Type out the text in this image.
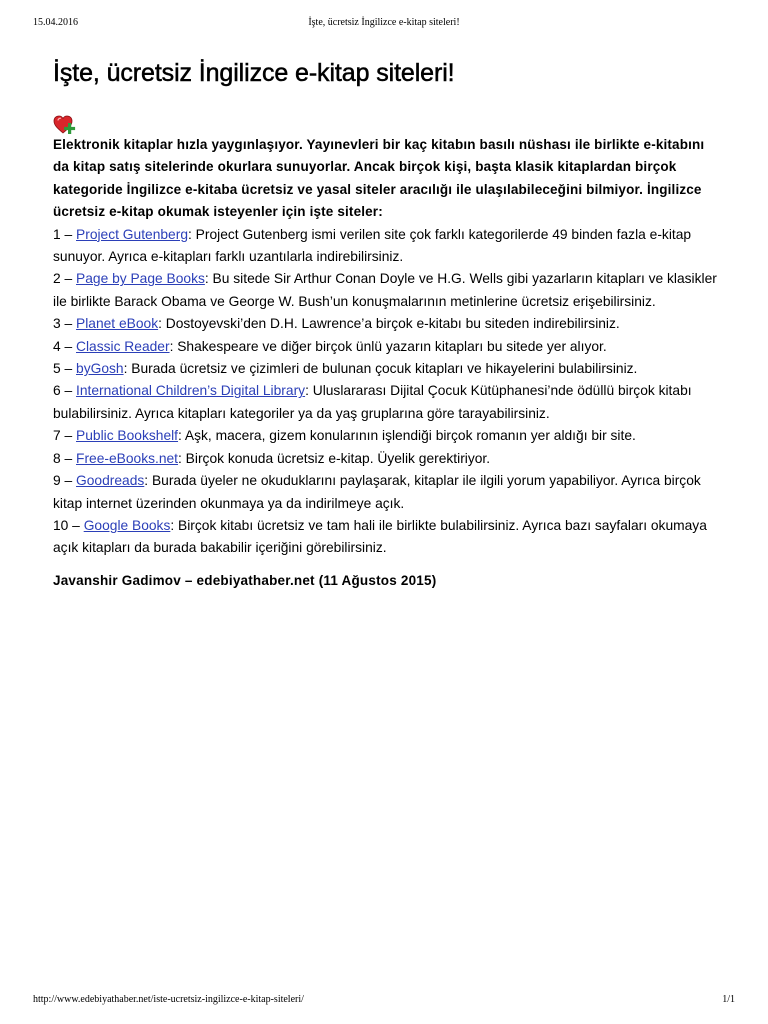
15.04.2016	İşte, ücretsiz İngilizce e-kitap siteleri!
İşte, ücretsiz İngilizce e-kitap siteleri!

Elektronik kitaplar hızla yaygınlaşıyor. Yayınevleri bir kaç kitabın basılı nüshası ile birlikte e-kitabını da kitap satış sitelerinde okurlara sunuyorlar. Ancak birçok kişi, başta klasik kitaplardan birçok kategoride İngilizce e-kitaba ücretsiz ve yasal siteler aracılığı ile ulaşılabileceğini bilmiyor. İngilizce ücretsiz e-kitap okumak isteyenler için işte siteler:

1 – Project Gutenberg: Project Gutenberg ismi verilen site çok farklı kategorilerde 49 binden fazla e-kitap sunuyor. Ayrıca e-kitapları farklı uzantılarla indirebilirsiniz.
2 – Page by Page Books: Bu sitede Sir Arthur Conan Doyle ve H.G. Wells gibi yazarların kitapları ve klasikler ile birlikte Barack Obama ve George W. Bush’un konuşmalarının metinlerine ücretsiz erişebilirsiniz.
3 – Planet eBook: Dostoyevski’den D.H. Lawrence’a birçok e-kitabı bu siteden indirebilirsiniz.
4 – Classic Reader: Shakespeare ve diğer birçok ünlü yazarın kitapları bu sitede yer alıyor.
5 – byGosh: Burada ücretsiz ve çizimleri de bulunan çocuk kitapları ve hikayelerini bulabilirsiniz.
6 – International Children’s Digital Library: Uluslararası Dijital Çocuk Kütüphanesi’nde ödüllü birçok kitabı bulabilirsiniz. Ayrıca kitapları kategoriler ya da yaş gruplarına göre tarayabilirsiniz.
7 – Public Bookshelf: Aşk, macera, gizem konularının işlendiği birçok romanın yer aldığı bir site.
8 – Free-eBooks.net: Birçok konuda ücretsiz e-kitap. Üyelik gerektiriyor.
9 – Goodreads: Burada üyeler ne okuduklarını paylaşarak, kitaplar ile ilgili yorum yapabiliyor. Ayrıca birçok kitap internet üzerinden okunmaya ya da indirilmeye açık.
10 – Google Books: Birçok kitabı ücretsiz ve tam hali ile birlikte bulabilirsiniz. Ayrıca bazı sayfaları okumaya açık kitapları da burada bakabilir içeriğini görebilirsiniz.

Javanshir Gadimov – edebiyathaber.net (11 Ağustos 2015)

http://www.edebiyathaber.net/iste-ucretsiz-ingilizce-e-kitap-siteleri/	1/1
